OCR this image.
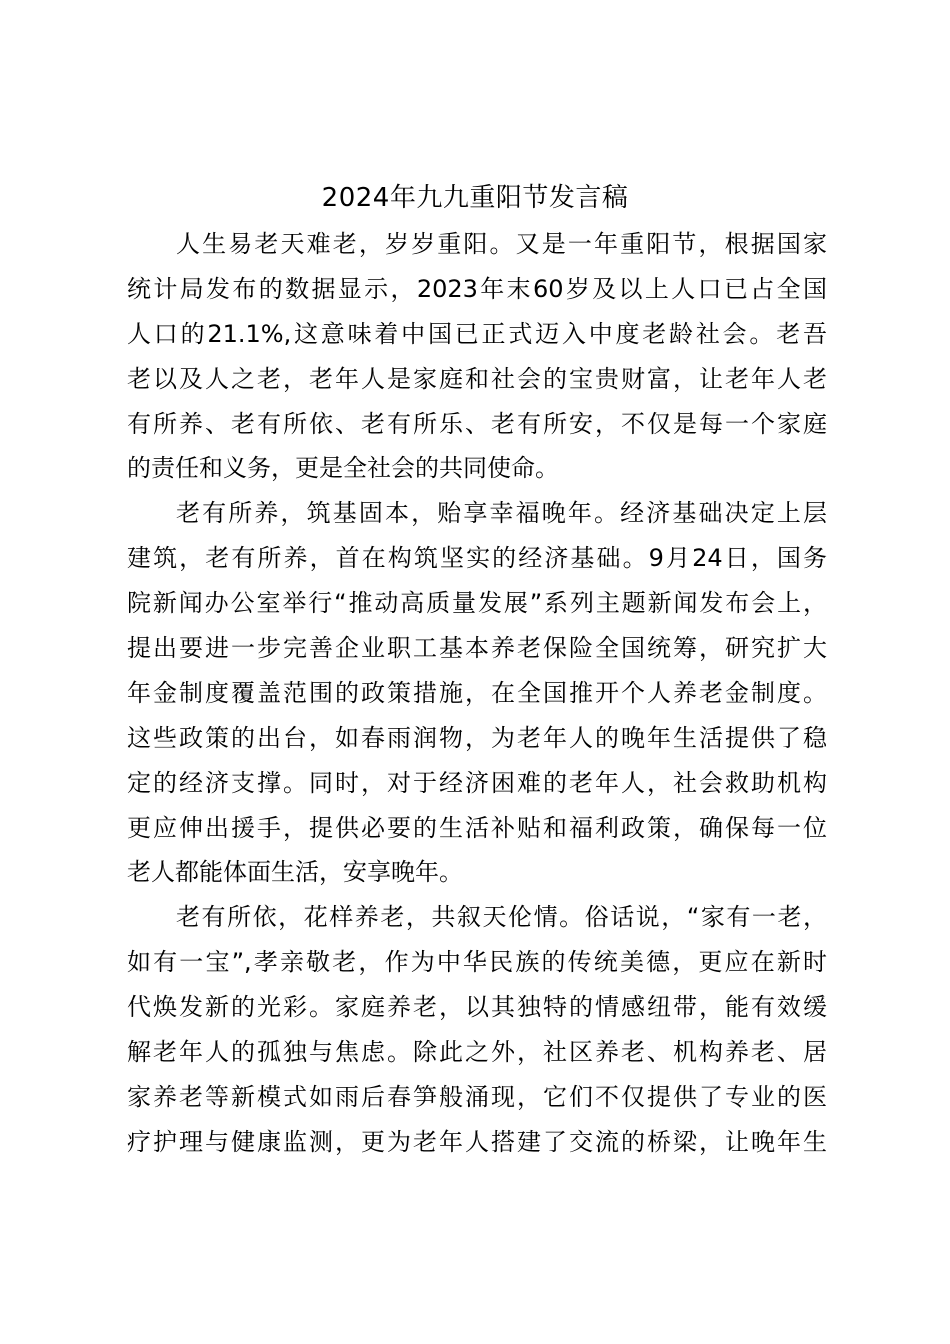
2024年九九重阳节发言稿
人生易老天难老，岁岁重阳。又是一年重阳节，根据国家
统计局发布的数据显示，2023年末60岁及以上人口已占全国
人口的21.1%,这意味着中国已正式迈入中度老龄社会。老吾
老以及人之老，老年人是家庭和社会的宝贵财富，让老年人老
有所养、老有所依、老有所乐、老有所安，不仅是每一个家庭
的责任和义务，更是全社会的共同使命。
老有所养，筑基固本，贻享幸福晚年。经济基础决定上层
建筑，老有所养，首在构筑坚实的经济基础。9月24日，国务
院新闻办公室举行“推动高质量发展”系列主题新闻发布会上，
提出要进一步完善企业职工基本养老保险全国统筹，研究扩大
年金制度覆盖范围的政策措施，在全国推开个人养老金制度。
这些政策的出台，如春雨润物，为老年人的晚年生活提供了稳
定的经济支撑。同时，对于经济困难的老年人，社会救助机构
更应伸出援手，提供必要的生活补贴和福利政策，确保每一位
老人都能体面生活，安享晚年。
老有所依，花样养老，共叙天伦情。俗话说，“家有一老，
如有一宝”,孝亲敬老，作为中华民族的传统美德，更应在新时
代焕发新的光彩。家庭养老，以其独特的情感纽带，能有效缓
解老年人的孤独与焦虑。除此之外，社区养老、机构养老、居
家养老等新模式如雨后春笋般涌现，它们不仅提供了专业的医
疗护理与健康监测，更为老年人搭建了交流的桥梁，让晚年生
